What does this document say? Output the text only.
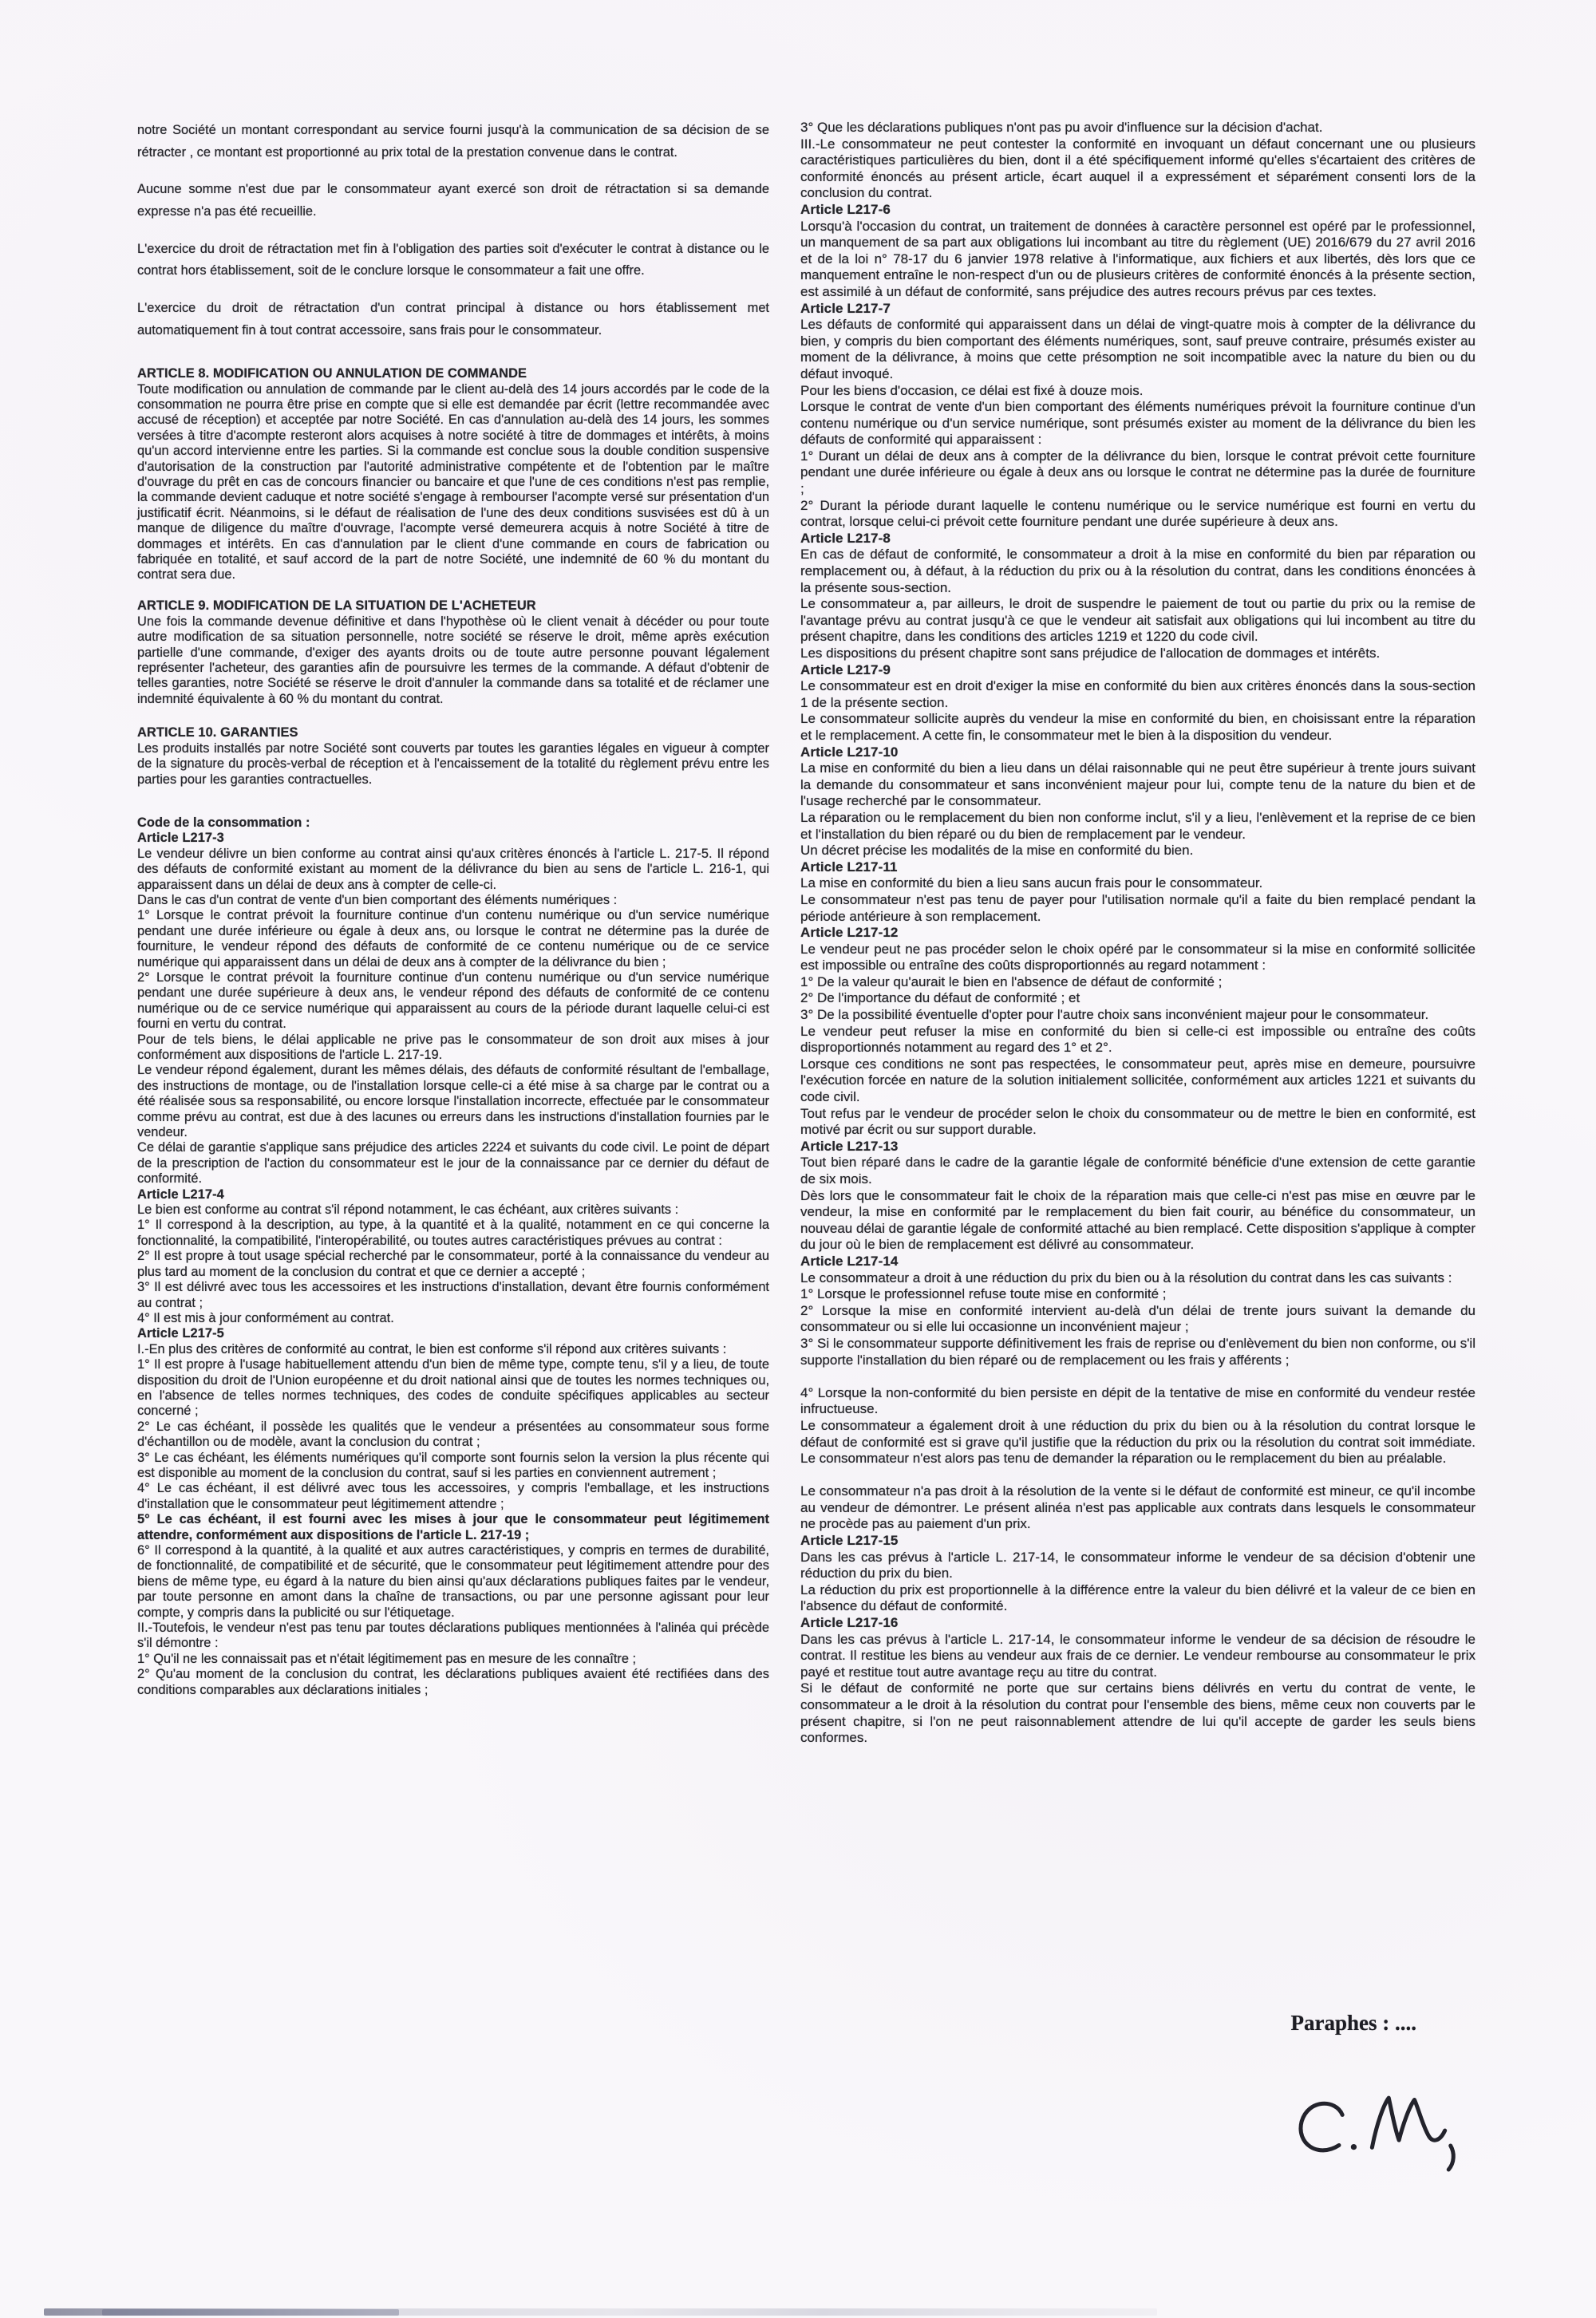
notre Société un montant correspondant au service fourni jusqu'à la communication de sa décision de se rétracter , ce montant est proportionné au prix total de la prestation convenue dans le contrat.

Aucune somme n'est due par le consommateur ayant exercé son droit de rétractation si sa demande expresse n'a pas été recueillie.

L'exercice du droit de rétractation met fin à l'obligation des parties soit d'exécuter le contrat à distance ou le contrat hors établissement, soit de le conclure lorsque le consommateur a fait une offre.

L'exercice du droit de rétractation d'un contrat principal à distance ou hors établissement met automatiquement fin à tout contrat accessoire, sans frais pour le consommateur.

ARTICLE 8. MODIFICATION OU ANNULATION DE COMMANDE

Toute modification ou annulation de commande par le client au-delà des 14 jours accordés par le code de la consommation ne pourra être prise en compte que si elle est demandée par écrit (lettre recommandée avec accusé de réception) et acceptée par notre Société. En cas d'annulation au-delà des 14 jours, les sommes versées à titre d'acompte resteront alors acquises à notre société à titre de dommages et intérêts, à moins qu'un accord intervienne entre les parties. Si la commande est conclue sous la double condition suspensive d'autorisation de la construction par l'autorité administrative compétente et de l'obtention par le maître d'ouvrage du prêt en cas de concours financier ou bancaire et que l'une de ces conditions n'est pas remplie, la commande devient caduque et notre société s'engage à rembourser l'acompte versé sur présentation d'un justificatif écrit. Néanmoins, si le défaut de réalisation de l'une des deux conditions susvisées est dû à un manque de diligence du maître d'ouvrage, l'acompte versé demeurera acquis à notre Société à titre de dommages et intérêts. En cas d'annulation par le client d'une commande en cours de fabrication ou fabriquée en totalité, et sauf accord de la part de notre Société, une indemnité de 60 % du montant du contrat sera due.

ARTICLE 9. MODIFICATION DE LA SITUATION DE L'ACHETEUR

Une fois la commande devenue définitive et dans l'hypothèse où le client venait à décéder ou pour toute autre modification de sa situation personnelle, notre société se réserve le droit, même après exécution partielle d'une commande, d'exiger des ayants droits ou de toute autre personne pouvant légalement représenter l'acheteur, des garanties afin de poursuivre les termes de la commande. A défaut d'obtenir de telles garanties, notre Société se réserve le droit d'annuler la commande dans sa totalité et de réclamer une indemnité équivalente à 60 % du montant du contrat.

ARTICLE 10. GARANTIES

Les produits installés par notre Société sont couverts par toutes les garanties légales en vigueur à compter de la signature du procès-verbal de réception et à l'encaissement de la totalité du règlement prévu entre les parties pour les garanties contractuelles.

Code de la consommation :
Article L217-3

Le vendeur délivre un bien conforme au contrat ainsi qu'aux critères énoncés à l'article L. 217-5. Il répond des défauts de conformité existant au moment de la délivrance du bien au sens de l'article L. 216-1, qui apparaissent dans un délai de deux ans à compter de celle-ci.

Dans le cas d'un contrat de vente d'un bien comportant des éléments numériques :

1° Lorsque le contrat prévoit la fourniture continue d'un contenu numérique ou d'un service numérique pendant une durée inférieure ou égale à deux ans, ou lorsque le contrat ne détermine pas la durée de fourniture, le vendeur répond des défauts de conformité de ce contenu numérique ou de ce service numérique qui apparaissent dans un délai de deux ans à compter de la délivrance du bien ;

2° Lorsque le contrat prévoit la fourniture continue d'un contenu numérique ou d'un service numérique pendant une durée supérieure à deux ans, le vendeur répond des défauts de conformité de ce contenu numérique ou de ce service numérique qui apparaissent au cours de la période durant laquelle celui-ci est fourni en vertu du contrat.

Pour de tels biens, le délai applicable ne prive pas le consommateur de son droit aux mises à jour conformément aux dispositions de l'article L. 217-19.

Le vendeur répond également, durant les mêmes délais, des défauts de conformité résultant de l'emballage, des instructions de montage, ou de l'installation lorsque celle-ci a été mise à sa charge par le contrat ou a été réalisée sous sa responsabilité, ou encore lorsque l'installation incorrecte, effectuée par le consommateur comme prévu au contrat, est due à des lacunes ou erreurs dans les instructions d'installation fournies par le vendeur.

Ce délai de garantie s'applique sans préjudice des articles 2224 et suivants du code civil. Le point de départ de la prescription de l'action du consommateur est le jour de la connaissance par ce dernier du défaut de conformité.

Article L217-4

Le bien est conforme au contrat s'il répond notamment, le cas échéant, aux critères suivants :

1° Il correspond à la description, au type, à la quantité et à la qualité, notamment en ce qui concerne la fonctionnalité, la compatibilité, l'interopérabilité, ou toutes autres caractéristiques prévues au contrat :

2° Il est propre à tout usage spécial recherché par le consommateur, porté à la connaissance du vendeur au plus tard au moment de la conclusion du contrat et que ce dernier a accepté ;

3° Il est délivré avec tous les accessoires et les instructions d'installation, devant être fournis conformément au contrat ;

4° Il est mis à jour conformément au contrat.

Article L217-5

I.-En plus des critères de conformité au contrat, le bien est conforme s'il répond aux critères suivants :

1° Il est propre à l'usage habituellement attendu d'un bien de même type, compte tenu, s'il y a lieu, de toute disposition du droit de l'Union européenne et du droit national ainsi que de toutes les normes techniques ou, en l'absence de telles normes techniques, des codes de conduite spécifiques applicables au secteur concerné ;

2° Le cas échéant, il possède les qualités que le vendeur a présentées au consommateur sous forme d'échantillon ou de modèle, avant la conclusion du contrat ;

3° Le cas échéant, les éléments numériques qu'il comporte sont fournis selon la version la plus récente qui est disponible au moment de la conclusion du contrat, sauf si les parties en conviennent autrement ;

4° Le cas échéant, il est délivré avec tous les accessoires, y compris l'emballage, et les instructions d'installation que le consommateur peut légitimement attendre ;

5° Le cas échéant, il est fourni avec les mises à jour que le consommateur peut légitimement attendre, conformément aux dispositions de l'article L. 217-19 ;

6° Il correspond à la quantité, à la qualité et aux autres caractéristiques, y compris en termes de durabilité, de fonctionnalité, de compatibilité et de sécurité, que le consommateur peut légitimement attendre pour des biens de même type, eu égard à la nature du bien ainsi qu'aux déclarations publiques faites par le vendeur, par toute personne en amont dans la chaîne de transactions, ou par une personne agissant pour leur compte, y compris dans la publicité ou sur l'étiquetage.

II.-Toutefois, le vendeur n'est pas tenu par toutes déclarations publiques mentionnées à l'alinéa qui précède s'il démontre :

1° Qu'il ne les connaissait pas et n'était légitimement pas en mesure de les connaître ;

2° Qu'au moment de la conclusion du contrat, les déclarations publiques avaient été rectifiées dans des conditions comparables aux déclarations initiales ;

3° Que les déclarations publiques n'ont pas pu avoir d'influence sur la décision d'achat.

III.-Le consommateur ne peut contester la conformité en invoquant un défaut concernant une ou plusieurs caractéristiques particulières du bien, dont il a été spécifiquement informé qu'elles s'écartaient des critères de conformité énoncés au présent article, écart auquel il a expressément et séparément consenti lors de la conclusion du contrat.

Article L217-6

Lorsqu'à l'occasion du contrat, un traitement de données à caractère personnel est opéré par le professionnel, un manquement de sa part aux obligations lui incombant au titre du règlement (UE) 2016/679 du 27 avril 2016 et de la loi n° 78-17 du 6 janvier 1978 relative à l'informatique, aux fichiers et aux libertés, dès lors que ce manquement entraîne le non-respect d'un ou de plusieurs critères de conformité énoncés à la présente section, est assimilé à un défaut de conformité, sans préjudice des autres recours prévus par ces textes.

Article L217-7

Les défauts de conformité qui apparaissent dans un délai de vingt-quatre mois à compter de la délivrance du bien, y compris du bien comportant des éléments numériques, sont, sauf preuve contraire, présumés exister au moment de la délivrance, à moins que cette présomption ne soit incompatible avec la nature du bien ou du défaut invoqué.

Pour les biens d'occasion, ce délai est fixé à douze mois.

Lorsque le contrat de vente d'un bien comportant des éléments numériques prévoit la fourniture continue d'un contenu numérique ou d'un service numérique, sont présumés exister au moment de la délivrance du bien les défauts de conformité qui apparaissent :

1° Durant un délai de deux ans à compter de la délivrance du bien, lorsque le contrat prévoit cette fourniture pendant une durée inférieure ou égale à deux ans ou lorsque le contrat ne détermine pas la durée de fourniture ;

2° Durant la période durant laquelle le contenu numérique ou le service numérique est fourni en vertu du contrat, lorsque celui-ci prévoit cette fourniture pendant une durée supérieure à deux ans.

Article L217-8

En cas de défaut de conformité, le consommateur a droit à la mise en conformité du bien par réparation ou remplacement ou, à défaut, à la réduction du prix ou à la résolution du contrat, dans les conditions énoncées à la présente sous-section.

Le consommateur a, par ailleurs, le droit de suspendre le paiement de tout ou partie du prix ou la remise de l'avantage prévu au contrat jusqu'à ce que le vendeur ait satisfait aux obligations qui lui incombent au titre du présent chapitre, dans les conditions des articles 1219 et 1220 du code civil.

Les dispositions du présent chapitre sont sans préjudice de l'allocation de dommages et intérêts.

Article L217-9

Le consommateur est en droit d'exiger la mise en conformité du bien aux critères énoncés dans la sous-section 1 de la présente section.

Le consommateur sollicite auprès du vendeur la mise en conformité du bien, en choisissant entre la réparation et le remplacement. A cette fin, le consommateur met le bien à la disposition du vendeur.

Article L217-10

La mise en conformité du bien a lieu dans un délai raisonnable qui ne peut être supérieur à trente jours suivant la demande du consommateur et sans inconvénient majeur pour lui, compte tenu de la nature du bien et de l'usage recherché par le consommateur.

La réparation ou le remplacement du bien non conforme inclut, s'il y a lieu, l'enlèvement et la reprise de ce bien et l'installation du bien réparé ou du bien de remplacement par le vendeur.

Un décret précise les modalités de la mise en conformité du bien.

Article L217-11

La mise en conformité du bien a lieu sans aucun frais pour le consommateur.

Le consommateur n'est pas tenu de payer pour l'utilisation normale qu'il a faite du bien remplacé pendant la période antérieure à son remplacement.

Article L217-12

Le vendeur peut ne pas procéder selon le choix opéré par le consommateur si la mise en conformité sollicitée est impossible ou entraîne des coûts disproportionnés au regard notamment :

1° De la valeur qu'aurait le bien en l'absence de défaut de conformité ;

2° De l'importance du défaut de conformité ; et

3° De la possibilité éventuelle d'opter pour l'autre choix sans inconvénient majeur pour le consommateur.

Le vendeur peut refuser la mise en conformité du bien si celle-ci est impossible ou entraîne des coûts disproportionnés notamment au regard des 1° et 2°.

Lorsque ces conditions ne sont pas respectées, le consommateur peut, après mise en demeure, poursuivre l'exécution forcée en nature de la solution initialement sollicitée, conformément aux articles 1221 et suivants du code civil.

Tout refus par le vendeur de procéder selon le choix du consommateur ou de mettre le bien en conformité, est motivé par écrit ou sur support durable.

Article L217-13

Tout bien réparé dans le cadre de la garantie légale de conformité bénéficie d'une extension de cette garantie de six mois.

Dès lors que le consommateur fait le choix de la réparation mais que celle-ci n'est pas mise en œuvre par le vendeur, la mise en conformité par le remplacement du bien fait courir, au bénéfice du consommateur, un nouveau délai de garantie légale de conformité attaché au bien remplacé. Cette disposition s'applique à compter du jour où le bien de remplacement est délivré au consommateur.

Article L217-14

Le consommateur a droit à une réduction du prix du bien ou à la résolution du contrat dans les cas suivants :

1° Lorsque le professionnel refuse toute mise en conformité ;

2° Lorsque la mise en conformité intervient au-delà d'un délai de trente jours suivant la demande du consommateur ou si elle lui occasionne un inconvénient majeur ;

3° Si le consommateur supporte définitivement les frais de reprise ou d'enlèvement du bien non conforme, ou s'il supporte l'installation du bien réparé ou de remplacement ou les frais y afférents ;

4° Lorsque la non-conformité du bien persiste en dépit de la tentative de mise en conformité du vendeur restée infructueuse.

Le consommateur a également droit à une réduction du prix du bien ou à la résolution du contrat lorsque le défaut de conformité est si grave qu'il justifie que la réduction du prix ou la résolution du contrat soit immédiate. Le consommateur n'est alors pas tenu de demander la réparation ou le remplacement du bien au préalable.

Le consommateur n'a pas droit à la résolution de la vente si le défaut de conformité est mineur, ce qu'il incombe au vendeur de démontrer. Le présent alinéa n'est pas applicable aux contrats dans lesquels le consommateur ne procède pas au paiement d'un prix.

Article L217-15

Dans les cas prévus à l'article L. 217-14, le consommateur informe le vendeur de sa décision d'obtenir une réduction du prix du bien.

La réduction du prix est proportionnelle à la différence entre la valeur du bien délivré et la valeur de ce bien en l'absence du défaut de conformité.

Article L217-16

Dans les cas prévus à l'article L. 217-14, le consommateur informe le vendeur de sa décision de résoudre le contrat. Il restitue les biens au vendeur aux frais de ce dernier. Le vendeur rembourse au consommateur le prix payé et restitue tout autre avantage reçu au titre du contrat.

Si le défaut de conformité ne porte que sur certains biens délivrés en vertu du contrat de vente, le consommateur a le droit à la résolution du contrat pour l'ensemble des biens, même ceux non couverts par le présent chapitre, si l'on ne peut raisonnablement attendre de lui qu'il accepte de garder les seuls biens conformes.

Paraphes : ....
